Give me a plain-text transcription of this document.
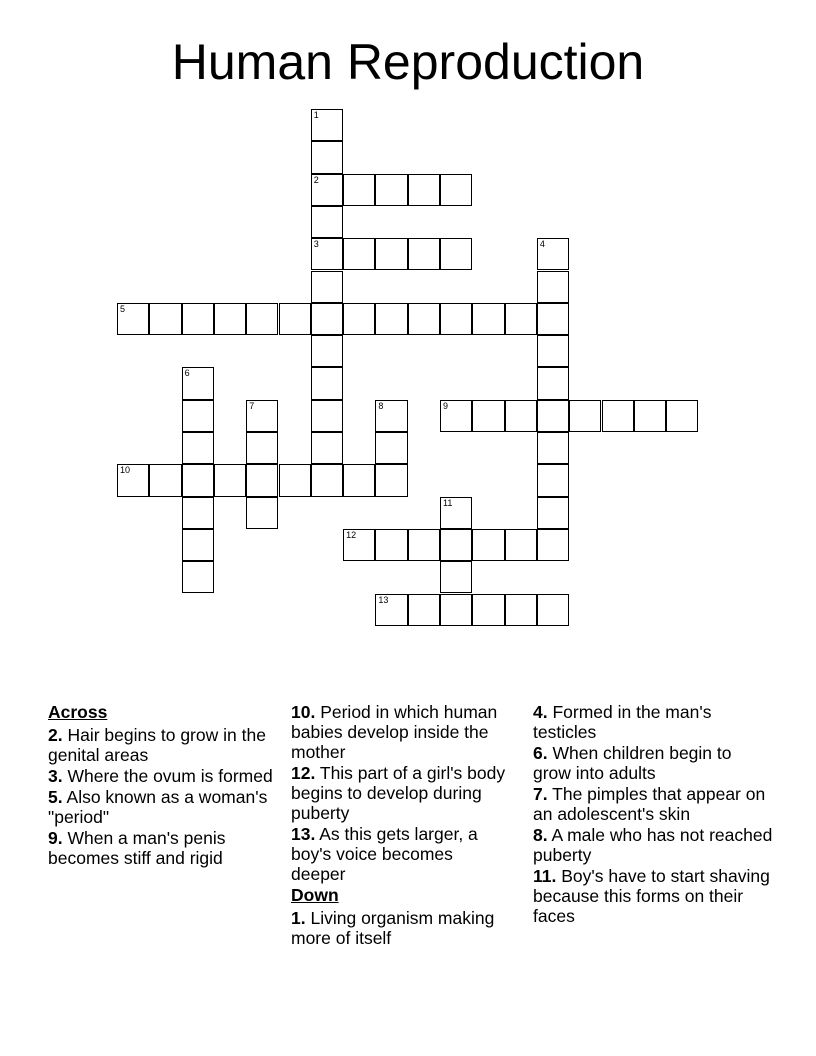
Human Reproduction
1
2
3	4
5
6
7	8	9
10
11
12
13
Across
2. Hair begins to grow in the genital areas
3. Where the ovum is formed
5. Also known as a woman's "period"
9. When a man's penis becomes stiff and rigid
10. Period in which human babies develop inside the mother
12. This part of a girl's body begins to develop during puberty
13. As this gets larger, a boy's voice becomes deeper
Down
1. Living organism making more of itself
4. Formed in the man's testicles
6. When children begin to grow into adults
7. The pimples that appear on an adolescent's skin
8. A male who has not reached puberty
11. Boy's have to start shaving because this forms on their faces
